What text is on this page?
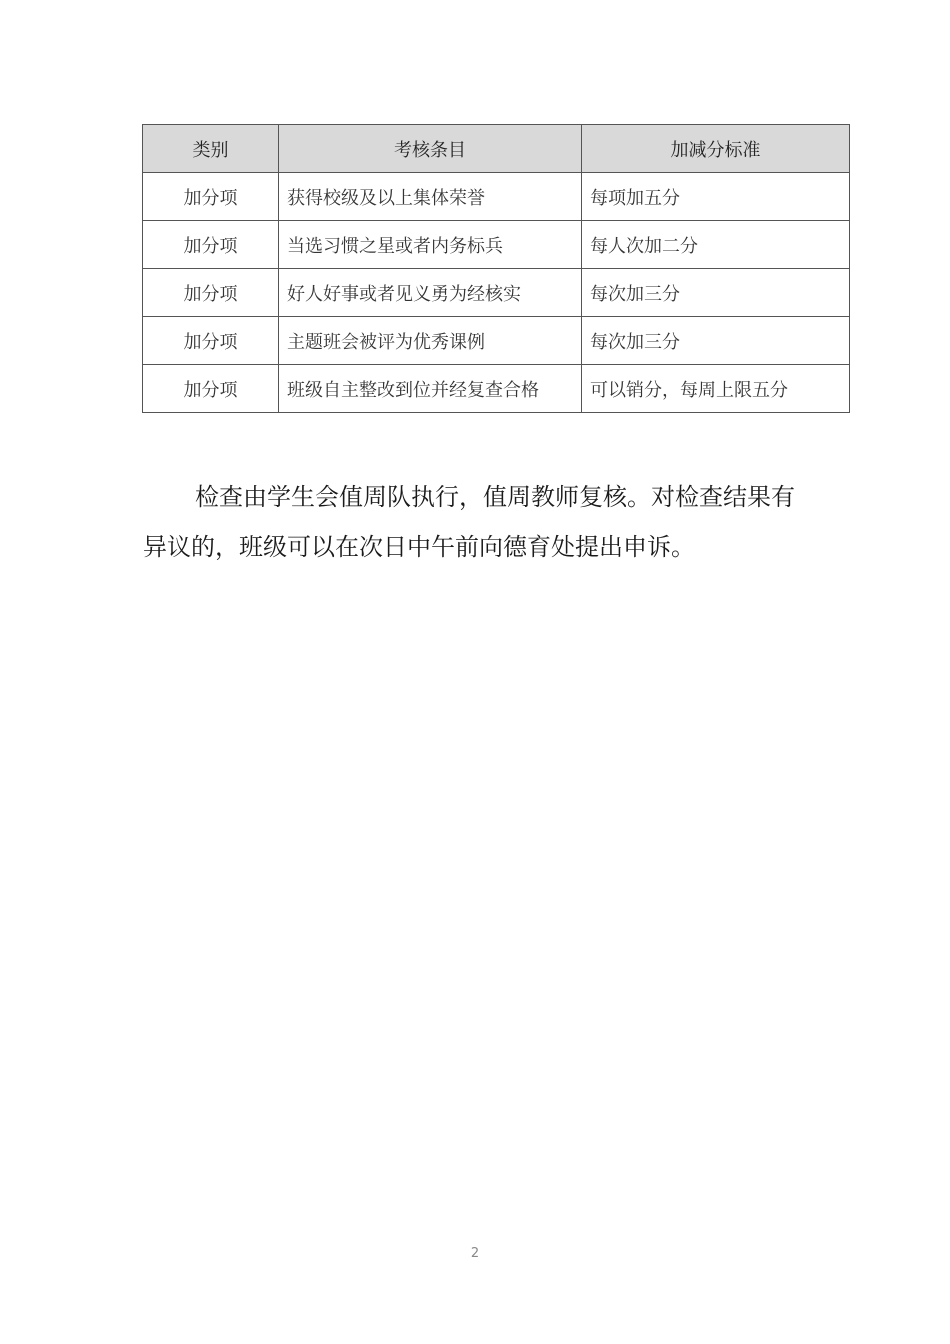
类别	考核条目	加减分标准
加分项	获得校级及以上集体荣誉	每项加五分
加分项	当选习惯之星或者内务标兵	每人次加二分
加分项	好人好事或者见义勇为经核实	每次加三分
加分项	主题班会被评为优秀课例	每次加三分
加分项	班级自主整改到位并经复查合格	可以销分，每周上限五分

检查由学生会值周队执行，值周教师复核。对检查结果有异议的，班级可以在次日中午前向德育处提出申诉。

2
